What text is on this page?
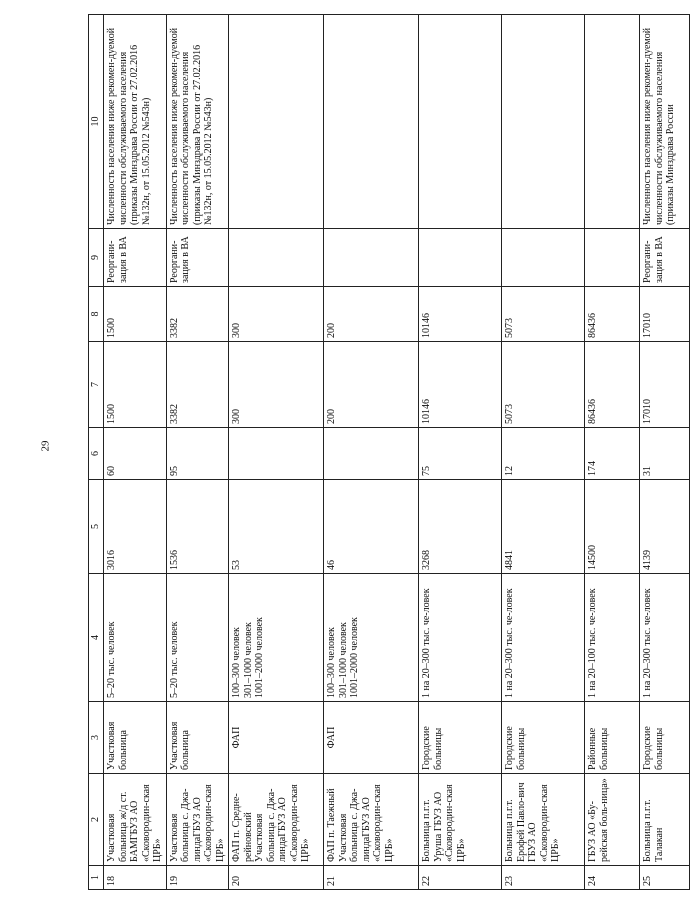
29
1	2	3	4	5	6	7	8	9	10
18	Участковая больница ж/д ст. БАМГБУЗ АО «Сковородин-ская ЦРБ»	Участковая больница	5–20 тыс. человек	3016	60	1500	1500	Реоргани-зация в ВА	Численность населения ниже рекомен-дуемой численности обслуживаемого населения (приказы Минздрава России от 27.02.2016 №132н, от 15.05.2012 №543н)
19	Участковая больница с. Джа-линдаГБУЗ АО «Сковородин-ская ЦРБ»	Участковая больница	5–20 тыс. человек	1536	95	3382	3382	Реоргани-зация в ВА	Численность населения ниже рекомен-дуемой численности обслуживаемого населения (приказы Минздрава России от 27.02.2016 №132н, от 15.05.2012 №543н)
20	ФАП п. Средне-рейновский Участковая больница с. Джа-линдаГБУЗ АО «Сковородин-ская ЦРБ»	ФАП	100–300 человек 301–1000 человек 1001–2000 человек	53		300	300		
21	ФАП п. Таежный Участковая больница с. Джа-линдаГБУЗ АО «Сковородин-ская ЦРБ»	ФАП	100–300 человек 301–1000 человек 1001–2000 человек	46		200	200		
22	Больница п.г.т. Уруша ГБУЗ АО «Сковородин-ская ЦРБ»	Городские больницы	1 на 20–300 тыс. че-ловек	3268	75	10146	10146		
23	Больница п.г.т. Ерофей Павло-вич ГБУЗ АО «Сковородин-ская ЦРБ»	Городские больницы	1 на 20–300 тыс. че-ловек	4841	12	5073	5073		
24	ГБУЗ АО «Бу-рейская боль-ница»	Районные больницы	1 на 20–100 тыс. че-ловек	14500	174	86436	86436		
25	Больница п.г.т. Талакан	Городские больницы	1 на 20–300 тыс. че-ловек	4139	31	17010	17010	Реоргани-зация в ВА	Численность населения ниже рекомен-дуемой численности обслуживаемого населения (приказы Минздрава России
